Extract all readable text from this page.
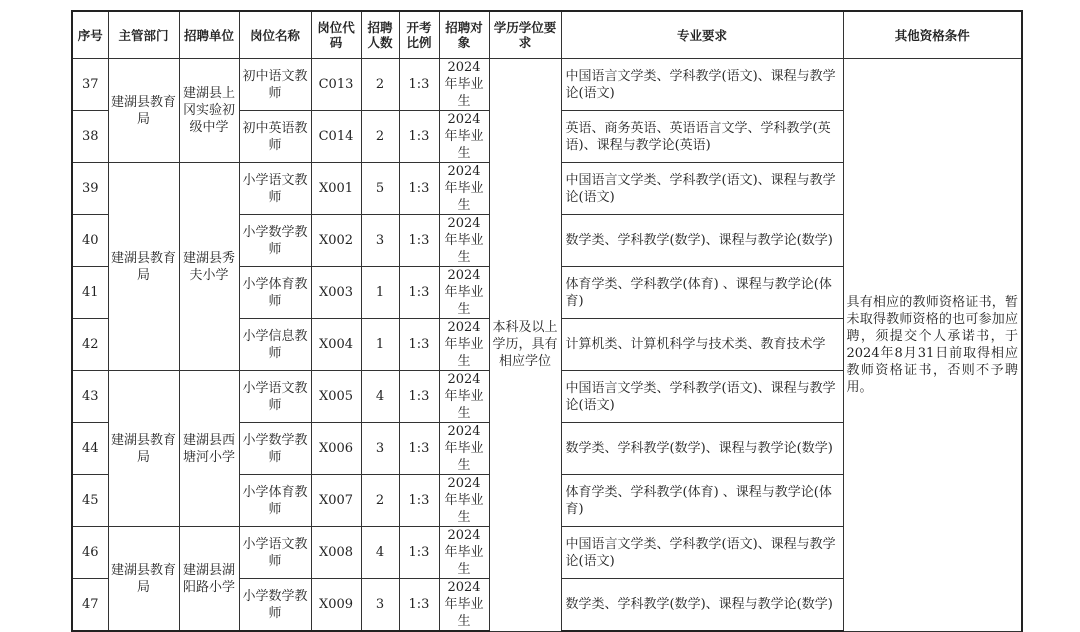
序号	主管部门	招聘单位	岗位名称	岗位代码	招聘人数	开考比例	招聘对象	学历学位要求	专业要求	其他资格条件
37	建湖县教育局	建湖县上冈实验初级中学	初中语文教师	C013	2	1:3	2024年毕业生	本科及以上学历，具有相应学位	中国语言文学类、学科教学(语文)、课程与教学论(语文)	具有相应的教师资格证书，暂未取得教师资格的也可参加应聘，须提交个人承诺书，于2024年8月31日前取得相应教师资格证书，否则不予聘用。
38			初中英语教师	C014	2	1:3	2024年毕业生		英语、商务英语、英语语言文学、学科教学(英语)、课程与教学论(英语)	
39	建湖县教育局	建湖县秀夫小学	小学语文教师	X001	5	1:3	2024年毕业生		中国语言文学类、学科教学(语文)、课程与教学论(语文)	
40			小学数学教师	X002	3	1:3	2024年毕业生		数学类、学科教学(数学)、课程与教学论(数学)	
41			小学体育教师	X003	1	1:3	2024年毕业生		体育学类、学科教学(体育) 、课程与教学论(体育)	
42			小学信息教师	X004	1	1:3	2024年毕业生		计算机类、计算机科学与技术类、教育技术学	
43	建湖县教育局	建湖县西塘河小学	小学语文教师	X005	4	1:3	2024年毕业生		中国语言文学类、学科教学(语文)、课程与教学论(语文)	
44			小学数学教师	X006	3	1:3	2024年毕业生		数学类、学科教学(数学)、课程与教学论(数学)	
45			小学体育教师	X007	2	1:3	2024年毕业生		体育学类、学科教学(体育) 、课程与教学论(体育)	
46	建湖县教育局	建湖县湖阳路小学	小学语文教师	X008	4	1:3	2024年毕业生		中国语言文学类、学科教学(语文)、课程与教学论(语文)	
47			小学数学教师	X009	3	1:3	2024年毕业生		数学类、学科教学(数学)、课程与教学论(数学)	
